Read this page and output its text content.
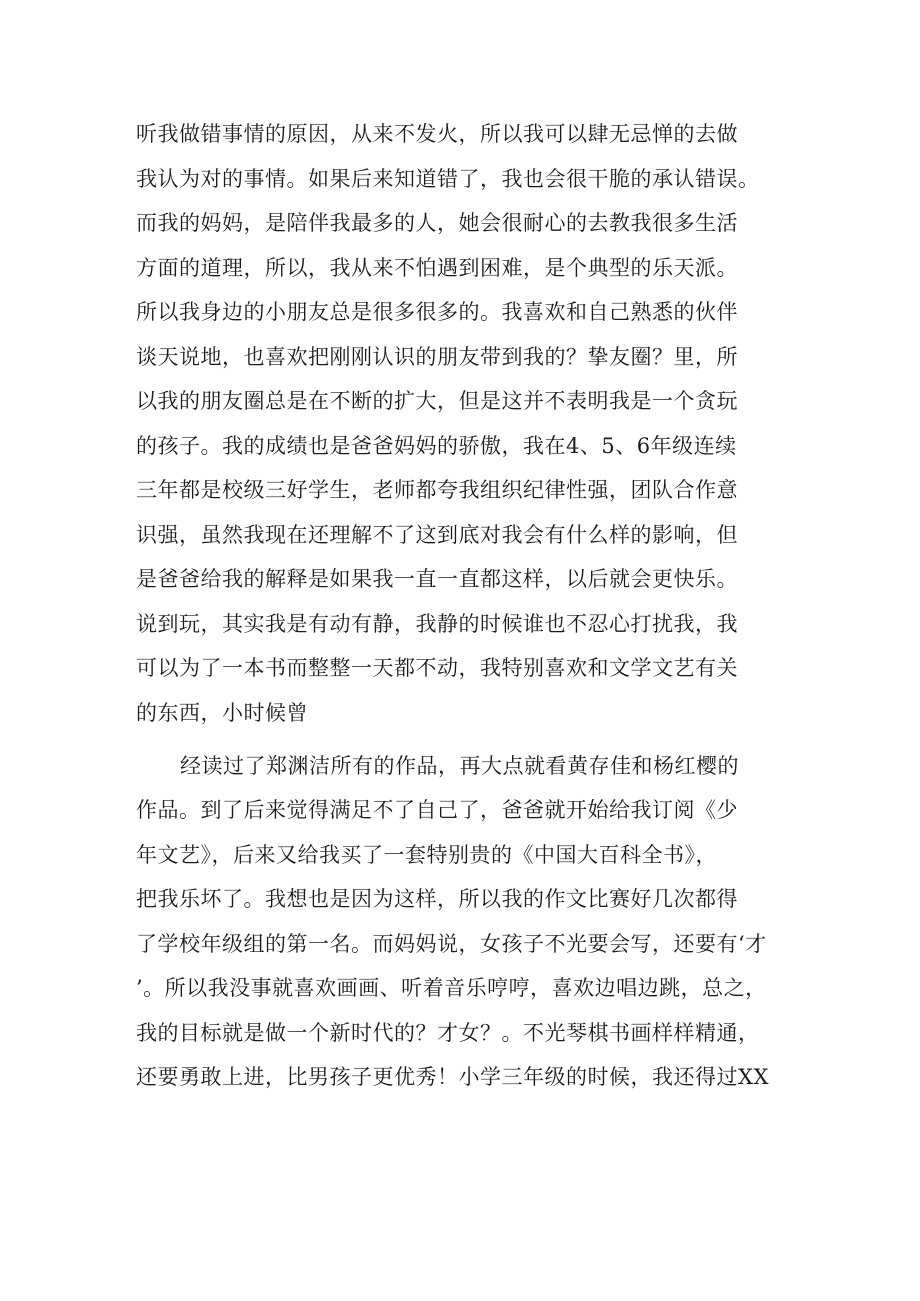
听我做错事情的原因，从来不发火，所以我可以肆无忌惮的去做
我认为对的事情。如果后来知道错了，我也会很干脆的承认错误。
而我的妈妈，是陪伴我最多的人，她会很耐心的去教我很多生活
方面的道理，所以，我从来不怕遇到困难，是个典型的乐天派。
所以我身边的小朋友总是很多很多的。我喜欢和自己熟悉的伙伴
谈天说地，也喜欢把刚刚认识的朋友带到我的？挚友圈？里，所
以我的朋友圈总是在不断的扩大，但是这并不表明我是一个贪玩
的孩子。我的成绩也是爸爸妈妈的骄傲，我在4、5、6年级连续
三年都是校级三好学生，老师都夸我组织纪律性强，团队合作意
识强，虽然我现在还理解不了这到底对我会有什么样的影响，但
是爸爸给我的解释是如果我一直一直都这样，以后就会更快乐。
说到玩，其实我是有动有静，我静的时候谁也不忍心打扰我，我
可以为了一本书而整整一天都不动，我特别喜欢和文学文艺有关
的东西，小时候曾
经读过了郑渊洁所有的作品，再大点就看黄存佳和杨红樱的
作品。到了后来觉得满足不了自己了，爸爸就开始给我订阅《少
年文艺》，后来又给我买了一套特别贵的《中国大百科全书》，
把我乐坏了。我想也是因为这样，所以我的作文比赛好几次都得
了学校年级组的第一名。而妈妈说，女孩子不光要会写，还要有‘才
’。所以我没事就喜欢画画、听着音乐哼哼，喜欢边唱边跳，总之，
我的目标就是做一个新时代的？才女？。不光琴棋书画样样精通，
还要勇敢上进，比男孩子更优秀！小学三年级的时候，我还得过XX
